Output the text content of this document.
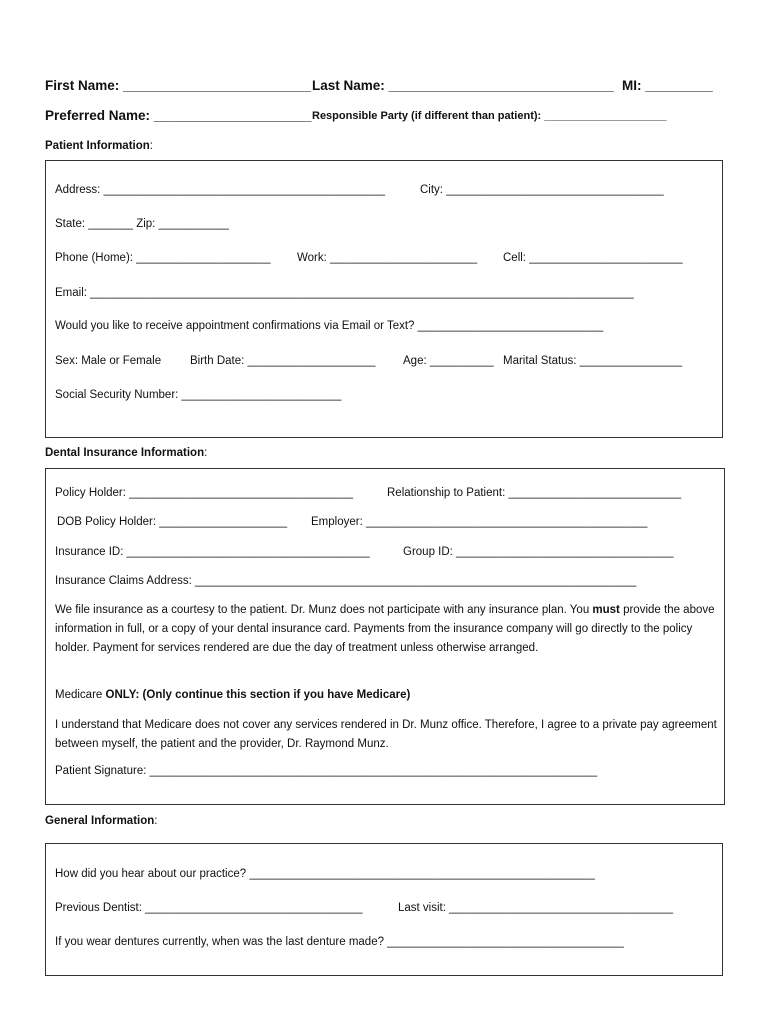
First Name: _________________________ Last Name: ______________________________ MI: _________
Preferred Name: _____________________ Responsible Party (if different than patient): ____________________
Patient Information:
Address: ____________________________________________	City: __________________________________
State: _______ Zip: ___________
Phone (Home): _____________________ Work: _______________________ Cell: ________________________
Email: _____________________________________________________________________________________
Would you like to receive appointment confirmations via Email or Text? _____________________________
Sex: Male or Female	Birth Date: ____________________ Age: __________ Marital Status: ________________
Social Security Number: _________________________
Dental Insurance Information:
Policy Holder: ___________________________________	Relationship to Patient: ___________________________
DOB Policy Holder: ____________________ Employer: ____________________________________________
Insurance ID: ______________________________________	Group ID: __________________________________
Insurance Claims Address: _____________________________________________________________________
We file insurance as a courtesy to the patient. Dr. Munz does not participate with any insurance plan. You must provide the above information in full, or a copy of your dental insurance card. Payments from the insurance company will go directly to the policy holder. Payment for services rendered are due the day of treatment unless otherwise arranged.
Medicare ONLY: (Only continue this section if you have Medicare)
I understand that Medicare does not cover any services rendered in Dr. Munz office. Therefore, I agree to a private pay agreement between myself, the patient and the provider, Dr. Raymond Munz.
Patient Signature: ______________________________________________________________________
General Information:
How did you hear about our practice? ______________________________________________________
Previous Dentist: __________________________________	Last visit: ___________________________________
If you wear dentures currently, when was the last denture made? _____________________________________
